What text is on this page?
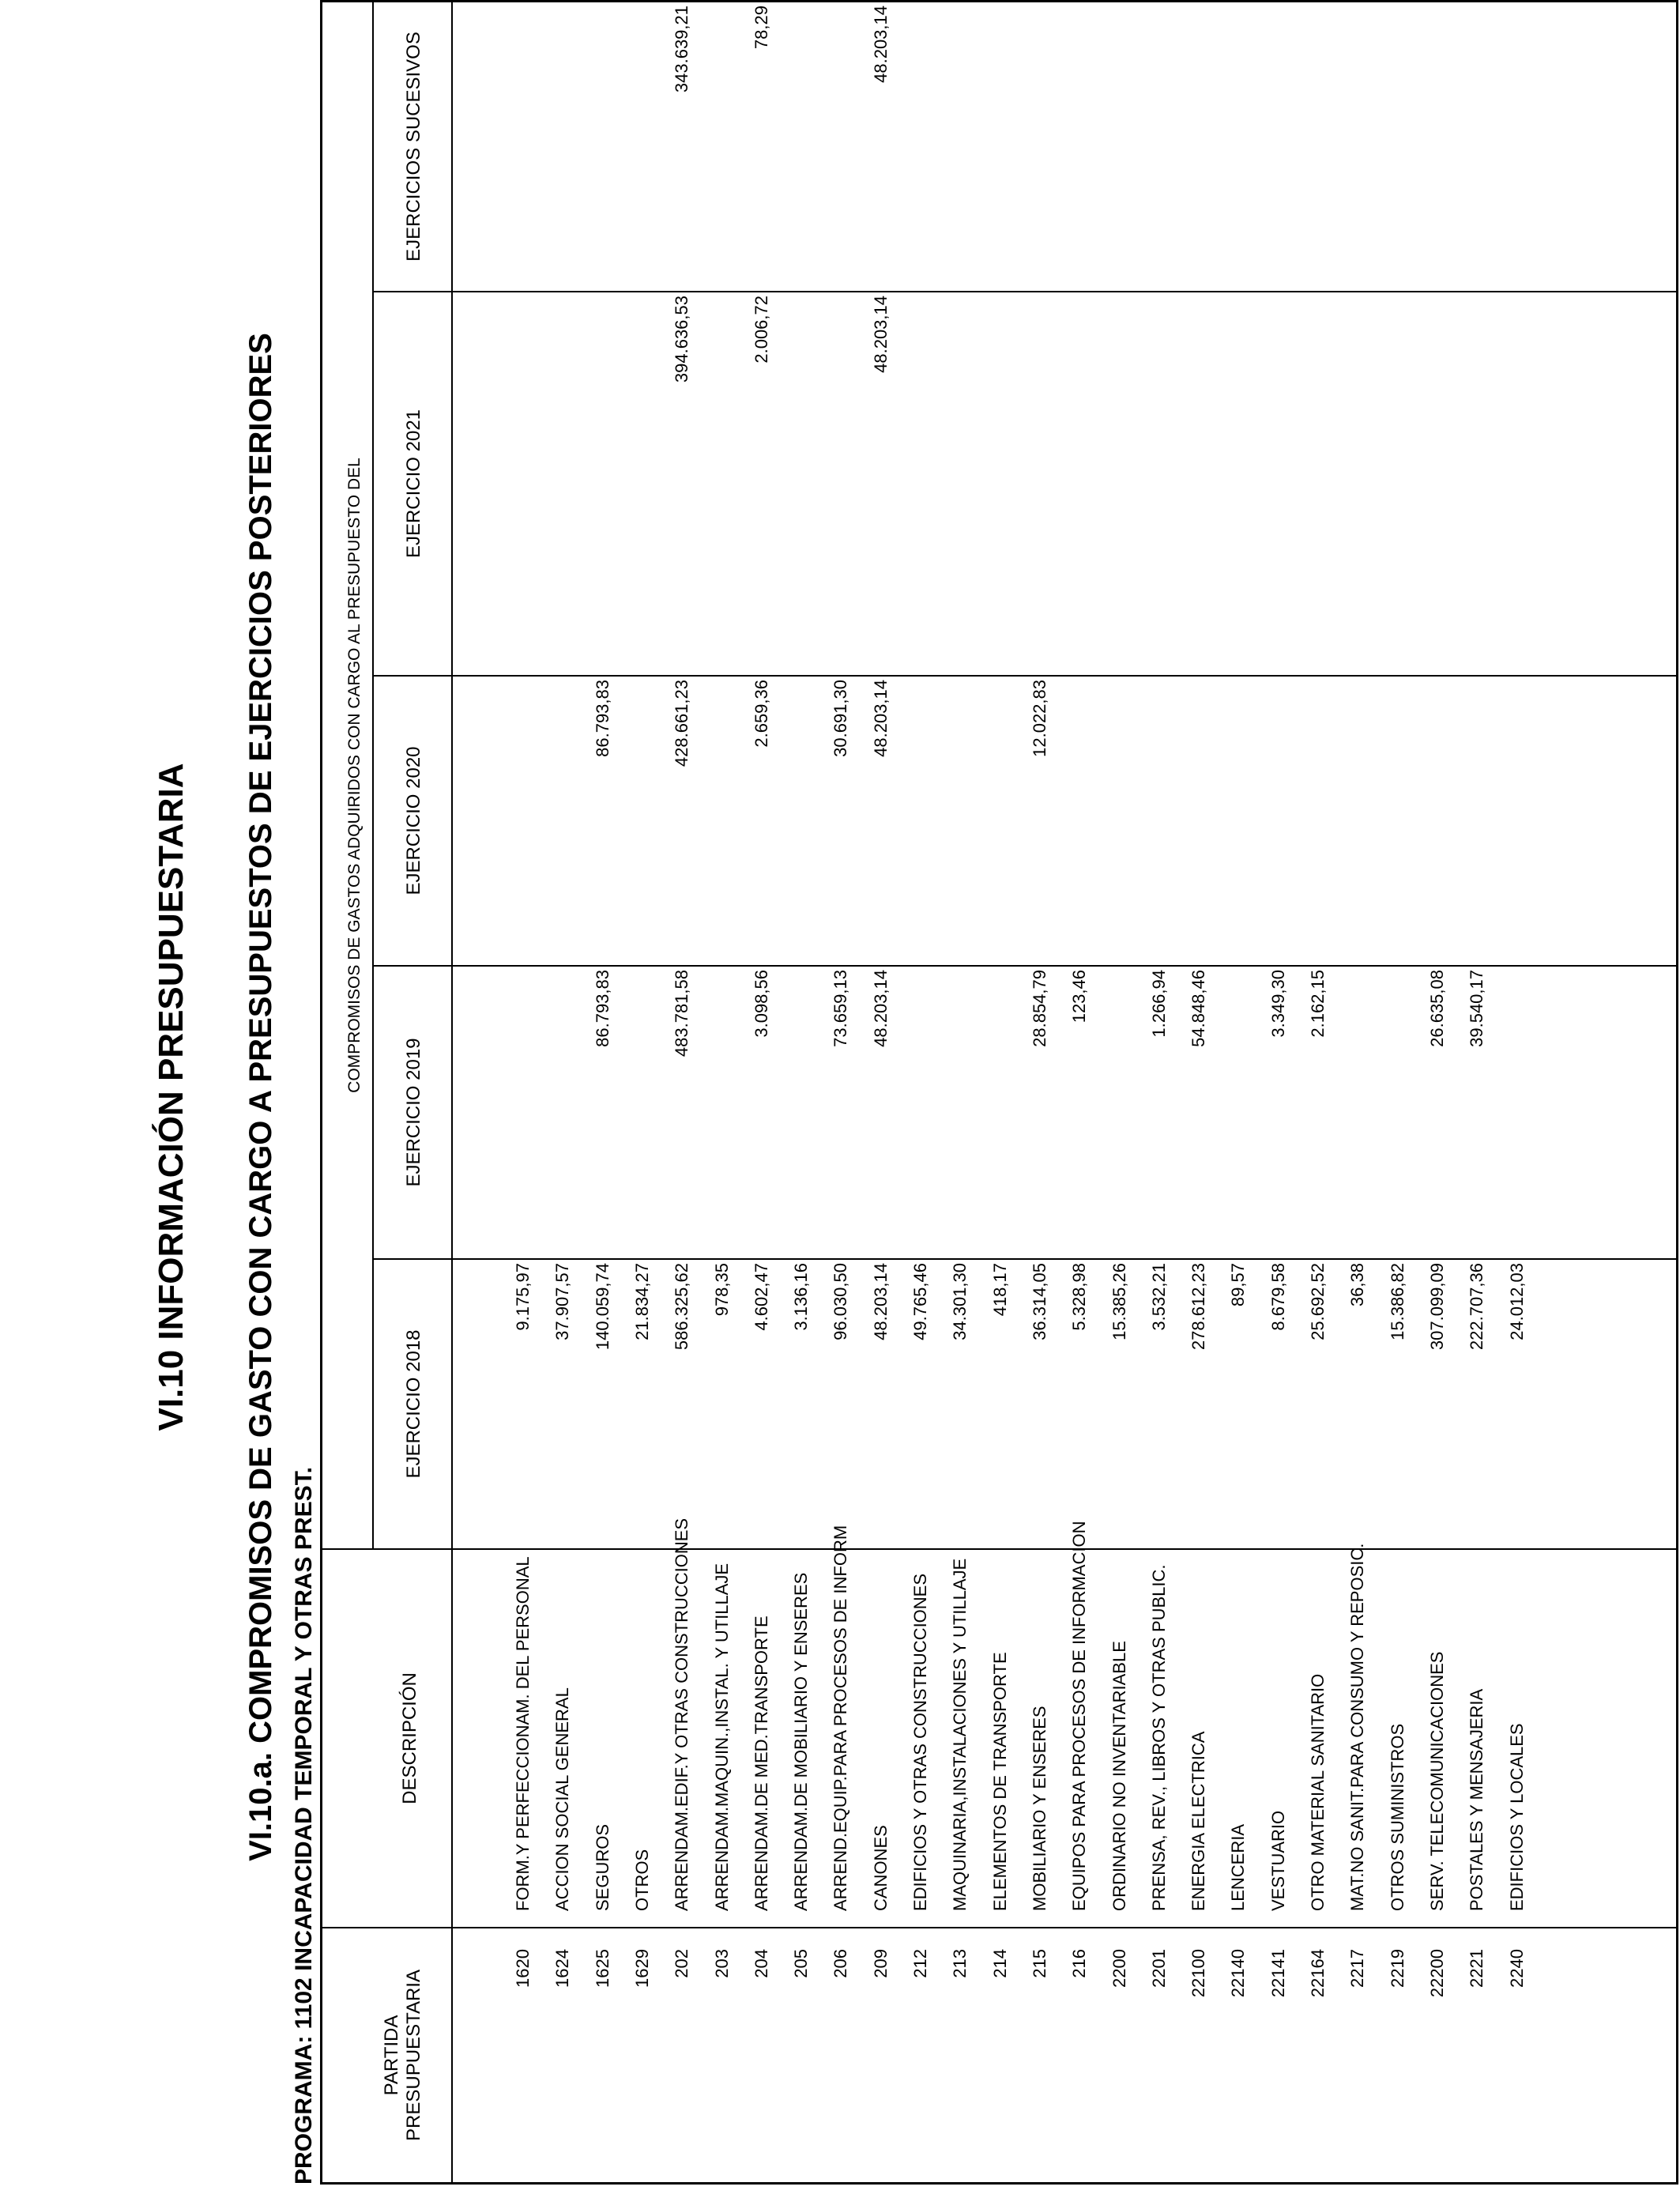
VI.10 INFORMACIÓN PRESUPUESTARIA VI.10.a. COMPROMISOS DE GASTO CON CARGO A PRESUPUESTOS DE EJERCICIOS POSTERIORES PROGRAMA: 1102 INCAPACIDAD TEMPORAL Y OTRAS PREST.	PARTIDA PRESUPUESTARIA
DESCRIPCIÓN
COMPROMISOS DE GASTOS ADQUIRIDOS CON CARGO AL PRESUPUESTO DEL
EJERCICIO 2018
EJERCICIO 2019
EJERCICIO 2020
EJERCICIO 2021
EJERCICIOS SUCESIVOS
1620
FORM.Y PERFECCIONAM. DEL PERSONAL
9.175,97
1624
ACCION SOCIAL GENERAL
37.907,57
1625
SEGUROS
140.059,74
86.793,83
86.793,83
1629
OTROS
21.834,27
202
ARRENDAM.EDIF.Y OTRAS CONSTRUCCIONES
586.325,62
483.781,58
428.661,23
394.636,53
343.639,21
203
ARRENDAM.MAQUIN.,INSTAL. Y UTILLAJE
978,35
204
ARRENDAM.DE MED.TRANSPORTE
4.602,47
3.098,56
2.659,36
2.006,72
78,29
205
ARRENDAM.DE MOBILIARIO Y ENSERES
3.136,16
206
ARREND.EQUIP.PARA PROCESOS DE INFORM
96.030,50
73.659,13
30.691,30
209
CANONES
48.203,14
48.203,14
48.203,14
48.203,14
48.203,14
212
EDIFICIOS Y OTRAS CONSTRUCCIONES
49.765,46
213
MAQUINARIA,INSTALACIONES Y UTILLAJE
34.301,30
214
ELEMENTOS DE TRANSPORTE
418,17
215
MOBILIARIO Y ENSERES
36.314,05
28.854,79
12.022,83
216
EQUIPOS PARA PROCESOS DE INFORMACION
5.328,98
123,46
2200
ORDINARIO NO INVENTARIABLE
15.385,26
2201
PRENSA, REV., LIBROS Y OTRAS PUBLIC.
3.532,21
1.266,94
22100
ENERGIA ELECTRICA
278.612,23
54.848,46
22140
LENCERIA
89,57
22141
VESTUARIO
8.679,58
3.349,30
22164
OTRO MATERIAL SANITARIO
25.692,52
2.162,15
2217
MAT.NO SANIT.PARA CONSUMO Y REPOSIC.
36,38
2219
OTROS SUMINISTROS
15.386,82
22200
SERV. TELECOMUNICACIONES
307.099,09
26.635,08
2221
POSTALES Y MENSAJERIA
222.707,36
39.540,17
2240
EDIFICIOS Y LOCALES
24.012,03
